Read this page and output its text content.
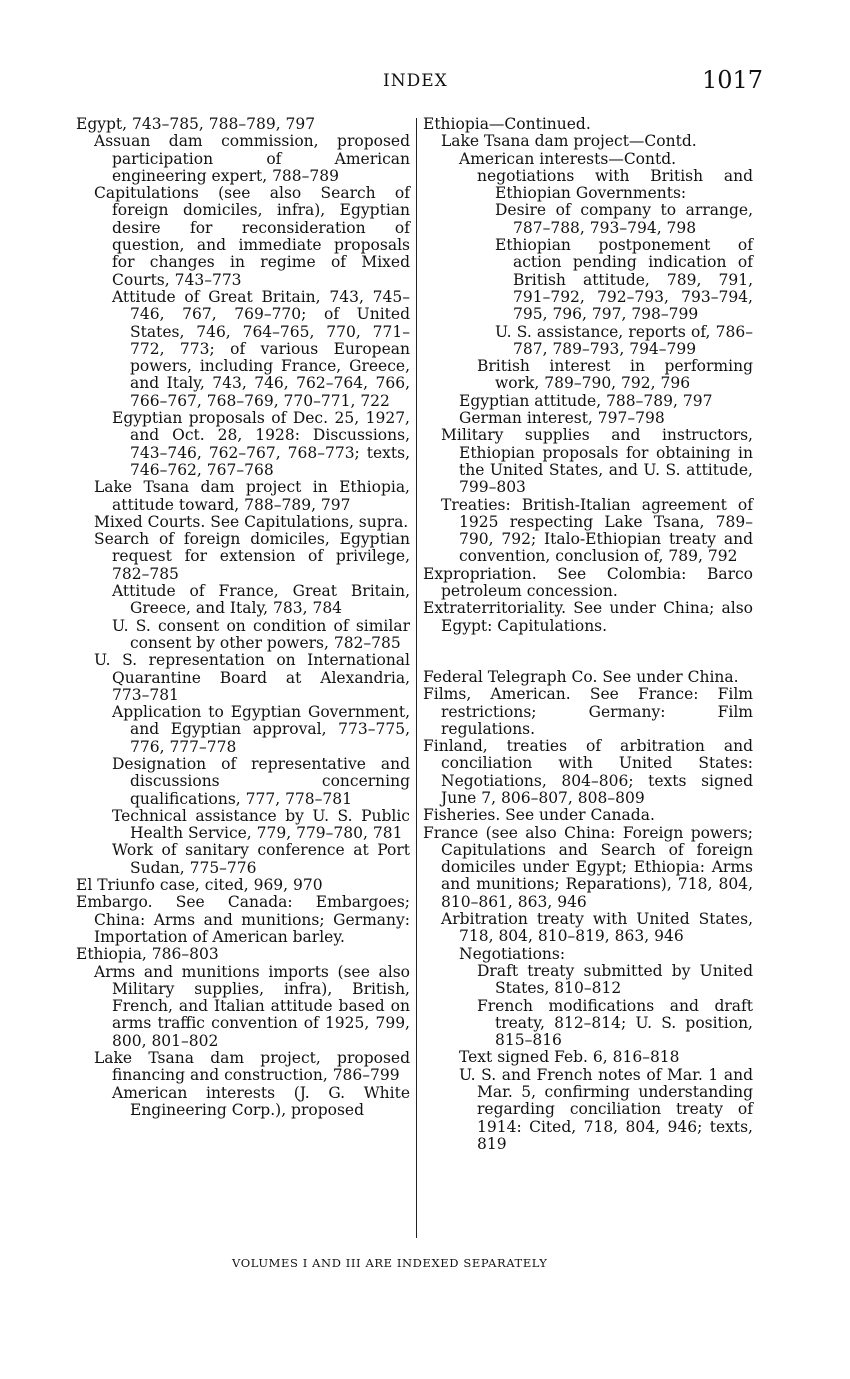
INDEX	1017
Egypt, 743–785, 788–789, 797
Assuan dam commission, proposed participation of American engineering expert, 788–789
Capitulations (see also Search of foreign domiciles, infra), Egyptian desire for reconsideration of question, and immediate proposals for changes in regime of Mixed Courts, 743–773
Attitude of Great Britain, 743, 745–746, 767, 769–770; of United States, 746, 764–765, 770, 771–772, 773; of various European powers, including France, Greece, and Italy, 743, 746, 762–764, 766, 766–767, 768–769, 770–771, 722
Egyptian proposals of Dec. 25, 1927, and Oct. 28, 1928: Discussions, 743–746, 762–767, 768–773; texts, 746–762, 767–768
Lake Tsana dam project in Ethiopia, attitude toward, 788–789, 797
Mixed Courts. See Capitulations, supra.
Search of foreign domiciles, Egyptian request for extension of privilege, 782–785
Attitude of France, Great Britain, Greece, and Italy, 783, 784
U. S. consent on condition of similar consent by other powers, 782–785
U. S. representation on International Quarantine Board at Alexandria, 773–781
Application to Egyptian Government, and Egyptian approval, 773–775, 776, 777–778
Designation of representative and discussions concerning qualifications, 777, 778–781
Technical assistance by U. S. Public Health Service, 779, 779–780, 781
Work of sanitary conference at Port Sudan, 775–776
El Triunfo case, cited, 969, 970
Embargo. See Canada: Embargoes; China: Arms and munitions; Germany: Importation of American barley.
Ethiopia, 786–803
Arms and munitions imports (see also Military supplies, infra), British, French, and Italian attitude based on arms traffic convention of 1925, 799, 800, 801–802
Lake Tsana dam project, proposed financing and construction, 786–799
American interests (J. G. White Engineering Corp.), proposed
Ethiopia—Continued.
Lake Tsana dam project—Contd.
American interests—Contd.
negotiations with British and Ethiopian Governments:
Desire of company to arrange, 787–788, 793–794, 798
Ethiopian postponement of action pending indication of British attitude, 789, 791, 791–792, 792–793, 793–794, 795, 796, 797, 798–799
U. S. assistance, reports of, 786–787, 789–793, 794–799
British interest in performing work, 789–790, 792, 796
Egyptian attitude, 788–789, 797
German interest, 797–798
Military supplies and instructors, Ethiopian proposals for obtaining in the United States, and U. S. attitude, 799–803
Treaties: British-Italian agreement of 1925 respecting Lake Tsana, 789–790, 792; Italo-Ethiopian treaty and convention, conclusion of, 789, 792
Expropriation. See Colombia: Barco petroleum concession.
Extraterritoriality. See under China; also Egypt: Capitulations.
Federal Telegraph Co. See under China.
Films, American. See France: Film restrictions; Germany: Film regulations.
Finland, treaties of arbitration and conciliation with United States: Negotiations, 804–806; texts signed June 7, 806–807, 808–809
Fisheries. See under Canada.
France (see also China: Foreign powers; Capitulations and Search of foreign domiciles under Egypt; Ethiopia: Arms and munitions; Reparations), 718, 804, 810–861, 863, 946
Arbitration treaty with United States, 718, 804, 810–819, 863, 946
Negotiations:
Draft treaty submitted by United States, 810–812
French modifications and draft treaty, 812–814; U. S. position, 815–816
Text signed Feb. 6, 816–818
U. S. and French notes of Mar. 1 and Mar. 5, confirming understanding regarding conciliation treaty of 1914: Cited, 718, 804, 946; texts, 819
VOLUMES I AND III ARE INDEXED SEPARATELY
